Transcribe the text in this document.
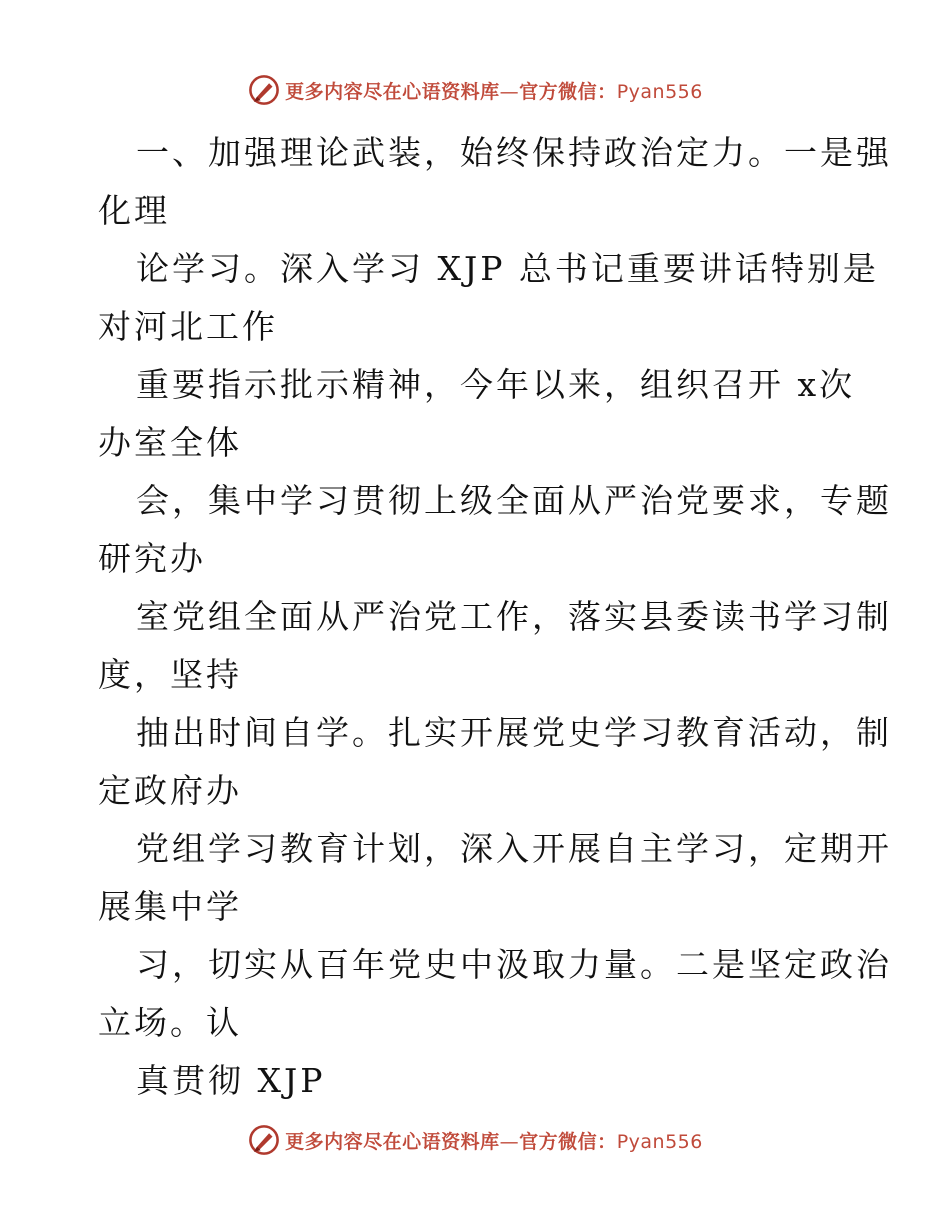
更多内容尽在心语资料库—官方微信：Pyan556
一、加强理论武装，始终保持政治定力。一是强
化理
论学习。深入学习 XJP 总书记重要讲话特别是
对河北工作
重要指示批示精神，今年以来，组织召开 x次
办室全体
会，集中学习贯彻上级全面从严治党要求，专题
研究办
室党组全面从严治党工作，落实县委读书学习制
度，坚持
抽出时间自学。扎实开展党史学习教育活动，制
定政府办
党组学习教育计划，深入开展自主学习，定期开
展集中学
习，切实从百年党史中汲取力量。二是坚定政治
立场。认
真贯彻 XJP
更多内容尽在心语资料库—官方微信：Pyan556
